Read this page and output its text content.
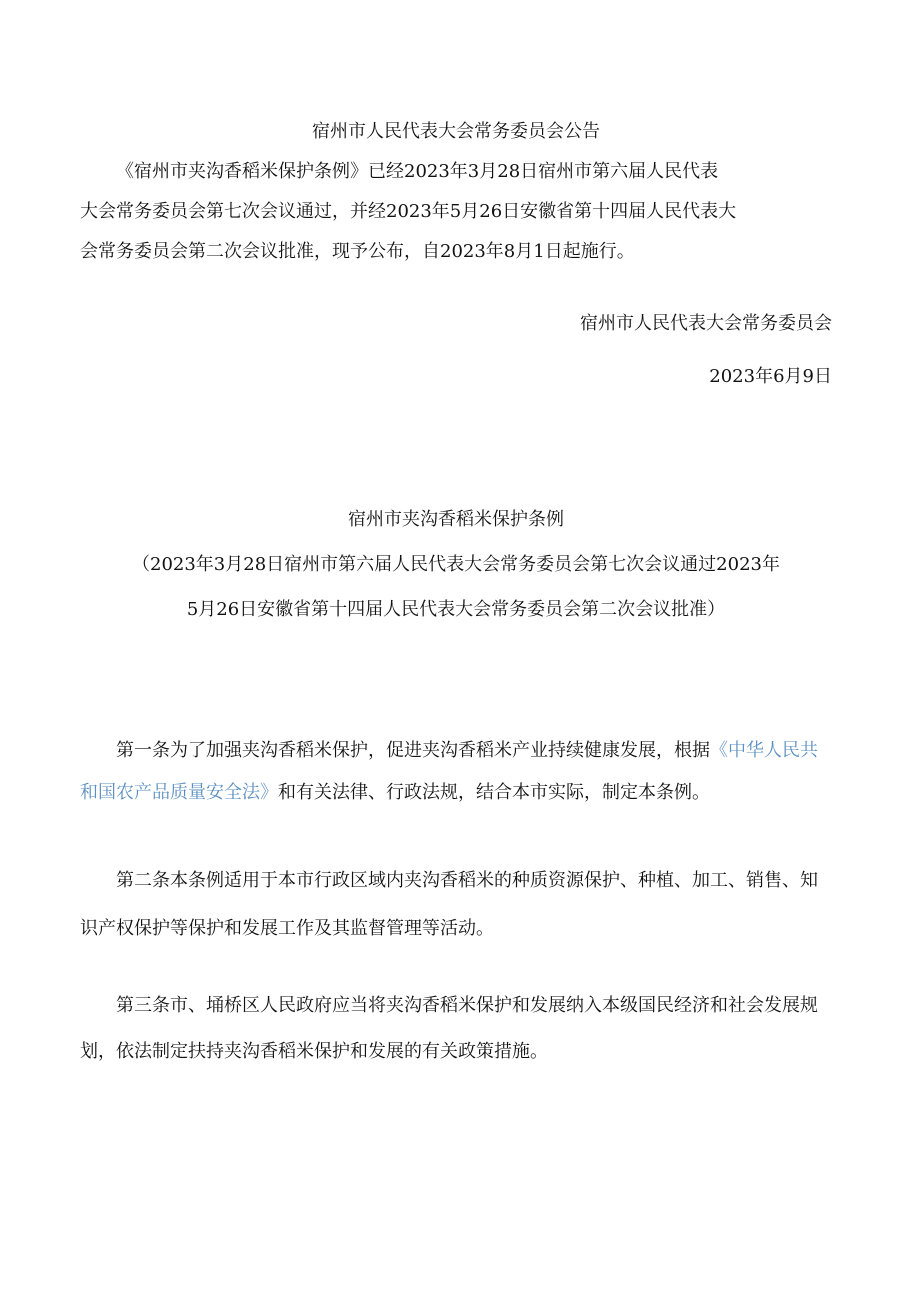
宿州市人民代表大会常务委员会公告

《宿州市夹沟香稻米保护条例》已经2023年3月28日宿州市第六届人民代表

大会常务委员会第七次会议通过，并经2023年5月26日安徽省第十四届人民代表大

会常务委员会第二次会议批准，现予公布，自2023年8月1日起施行。

宿州市人民代表大会常务委员会
2023年6月9日
宿州市夹沟香稻米保护条例
（2023年3月28日宿州市第六届人民代表大会常务委员会第七次会议通过2023年
5月26日安徽省第十四届人民代表大会常务委员会第二次会议批准）
第一条为了加强夹沟香稻米保护，促进夹沟香稻米产业持续健康发展，根据《中华人民共和国农产品质量安全法》和有关法律、行政法规，结合本市实际，制定本条例。
第二条本条例适用于本市行政区域内夹沟香稻米的种质资源保护、种植、加工、销售、知识产权保护等保护和发展工作及其监督管理等活动。
第三条市、埇桥区人民政府应当将夹沟香稻米保护和发展纳入本级国民经济和社会发展规划，依法制定扶持夹沟香稻米保护和发展的有关政策措施。
